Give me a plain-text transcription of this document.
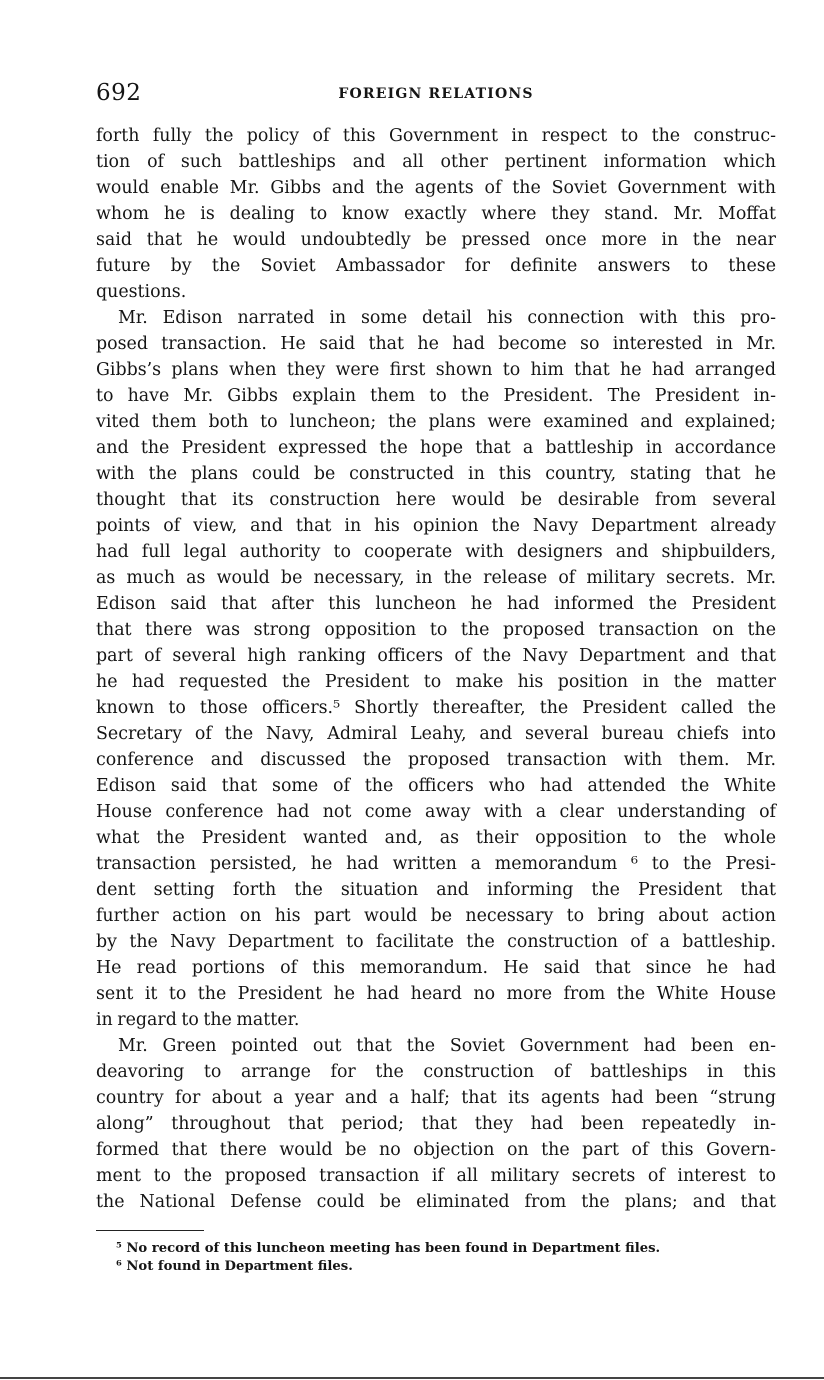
692	FOREIGN RELATIONS
forth fully the policy of this Government in respect to the construc-
tion of such battleships and all other pertinent information which
would enable Mr. Gibbs and the agents of the Soviet Government with
whom he is dealing to know exactly where they stand. Mr. Moffat
said that he would undoubtedly be pressed once more in the near
future by the Soviet Ambassador for definite answers to these
questions.
Mr. Edison narrated in some detail his connection with this pro-
posed transaction. He said that he had become so interested in Mr.
Gibbs’s plans when they were first shown to him that he had arranged
to have Mr. Gibbs explain them to the President. The President in-
vited them both to luncheon; the plans were examined and explained;
and the President expressed the hope that a battleship in accordance
with the plans could be constructed in this country, stating that he
thought that its construction here would be desirable from several
points of view, and that in his opinion the Navy Department already
had full legal authority to cooperate with designers and shipbuilders,
as much as would be necessary, in the release of military secrets. Mr.
Edison said that after this luncheon he had informed the President
that there was strong opposition to the proposed transaction on the
part of several high ranking officers of the Navy Department and that
he had requested the President to make his position in the matter
known to those officers.⁵ Shortly thereafter, the President called the
Secretary of the Navy, Admiral Leahy, and several bureau chiefs into
conference and discussed the proposed transaction with them. Mr.
Edison said that some of the officers who had attended the White
House conference had not come away with a clear understanding of
what the President wanted and, as their opposition to the whole
transaction persisted, he had written a memorandum ⁶ to the Presi-
dent setting forth the situation and informing the President that
further action on his part would be necessary to bring about action
by the Navy Department to facilitate the construction of a battleship.
He read portions of this memorandum. He said that since he had
sent it to the President he had heard no more from the White House
in regard to the matter.
Mr. Green pointed out that the Soviet Government had been en-
deavoring to arrange for the construction of battleships in this
country for about a year and a half; that its agents had been “strung
along” throughout that period; that they had been repeatedly in-
formed that there would be no objection on the part of this Govern-
ment to the proposed transaction if all military secrets of interest to
the National Defense could be eliminated from the plans; and that
⁵ No record of this luncheon meeting has been found in Department files.
⁶ Not found in Department files.
